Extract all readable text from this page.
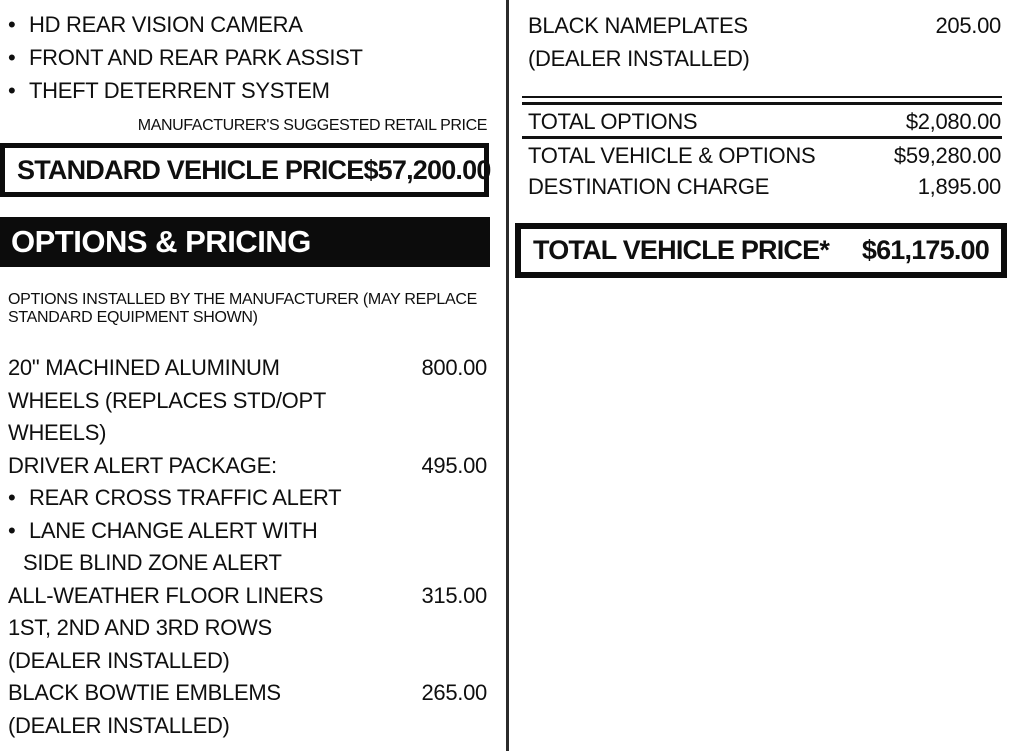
• HD REAR VISION CAMERA
• FRONT AND REAR PARK ASSIST
• THEFT DETERRENT SYSTEM
MANUFACTURER'S SUGGESTED RETAIL PRICE
STANDARD VEHICLE PRICE $57,200.00
OPTIONS & PRICING
OPTIONS INSTALLED BY THE MANUFACTURER (MAY REPLACE
STANDARD EQUIPMENT SHOWN)
20" MACHINED ALUMINUM
WHEELS (REPLACES STD/OPT
WHEELS)
800.00
DRIVER ALERT PACKAGE:
• REAR CROSS TRAFFIC ALERT
• LANE CHANGE ALERT WITH
SIDE BLIND ZONE ALERT
495.00
ALL-WEATHER FLOOR LINERS
1ST, 2ND AND 3RD ROWS
(DEALER INSTALLED)
315.00
BLACK BOWTIE EMBLEMS
(DEALER INSTALLED)
265.00
BLACK NAMEPLATES
(DEALER INSTALLED)
205.00
TOTAL OPTIONS	$2,080.00
TOTAL VEHICLE & OPTIONS	$59,280.00
DESTINATION CHARGE	1,895.00
TOTAL VEHICLE PRICE* $61,175.00
